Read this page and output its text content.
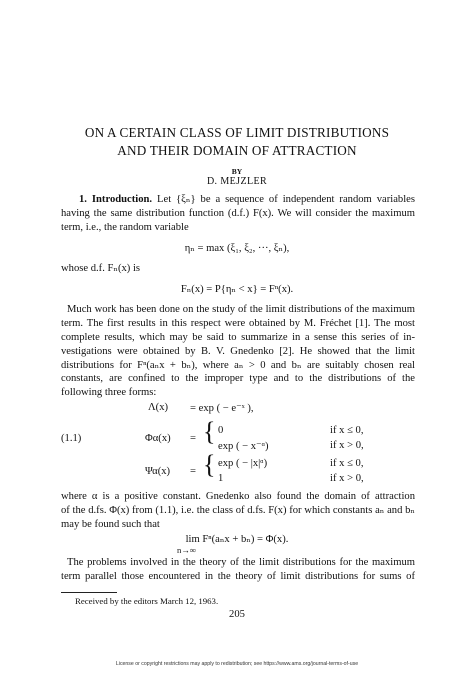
ON A CERTAIN CLASS OF LIMIT DISTRIBUTIONS
AND THEIR DOMAIN OF ATTRACTION
BY
D. MEJZLER
1. Introduction. Let {ξₙ} be a sequence of independent random variables
having the same distribution function (d.f.) F(x). We will consider the maximum
term, i.e., the random variable
ηₙ = max (ξ₁, ξ₂, ···, ξₙ),
whose d.f. Fₙ(x) is
Fₙ(x) = P{ηₙ < x} = Fⁿ(x).
Much work has been done on the study of the limit distributions of the maximum
term. The first results in this respect were obtained by M. Fréchet [1]. The most
complete results, which may be said to summarize in a sense this series of in-
vestigations were obtained by B. V. Gnedenko [2]. He showed that the limit
distributions for Fⁿ(aₙx + bₙ), where aₙ > 0 and bₙ are suitably chosen real
constants, are confined to the improper type and to the distributions of the
following three forms:
Λ(x) = exp ( − e⁻ˣ ),
(1.1)	Φα(x) = { 0
exp ( − x⁻ᵅ)
if x ≤ 0,
if x > 0,
Ψα(x) = { exp ( − |x|ᵅ)
1
if x ≤ 0,
if x > 0,
where α is a positive constant. Gnedenko also found the domain of attraction
of the d.fs. Φ(x) from (1.1), i.e. the class of d.fs. F(x) for which constants aₙ and bₙ
may be found such that
lim Fⁿ(aₙx + bₙ) = Φ(x).
n→∞
The problems involved in the theory of the limit distributions for the maximum
term parallel those encountered in the theory of limit distributions for sums of
Received by the editors March 12, 1963.
205
License or copyright restrictions may apply to redistribution; see https://www.ams.org/journal-terms-of-use
